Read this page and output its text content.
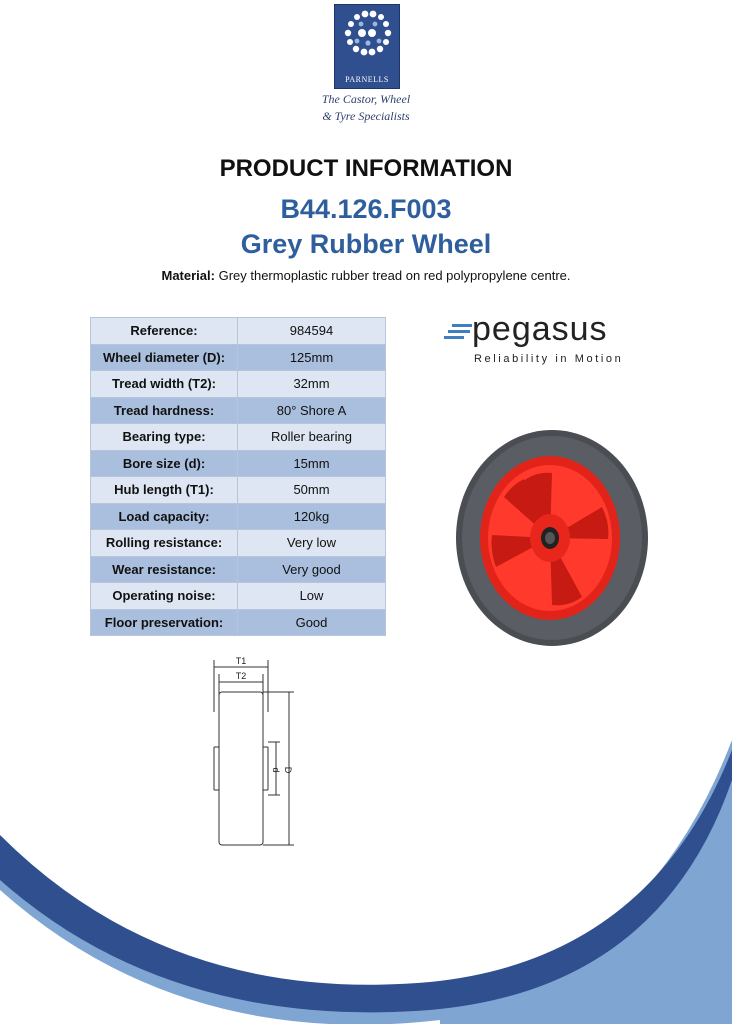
PARNELLS
The Castor, Wheel
& Tyre Specialists
PRODUCT INFORMATION
B44.126.F003
Grey Rubber Wheel
Material: Grey thermoplastic rubber tread on red polypropylene centre.
Reference:	984594
Wheel diameter (D):	125mm
Tread width (T2):	32mm
Tread hardness:	80° Shore A
Bearing type:	Roller bearing
Bore size (d):	15mm
Hub length (T1):	50mm
Load capacity:	120kg
Rolling resistance:	Very low
Wear resistance:	Very good
Operating noise:	Low
Floor preservation:	Good
pegasus
Reliability in Motion
T1
T2
d D
